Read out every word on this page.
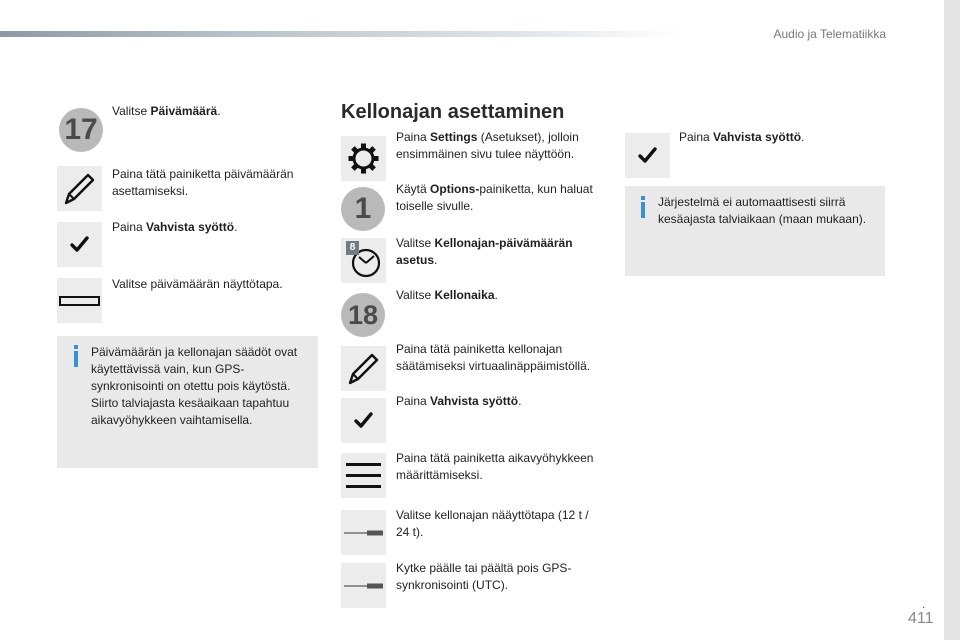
Audio ja Telematiikka
17
Valitse Päivämäärä.
Paina tätä painiketta päivämäärän asettamiseksi.
Paina Vahvista syöttö.
Valitse päivämäärän näyttötapa.
Päivämäärän ja kellonajan säädöt ovat käytettävissä vain, kun GPS-synkronisointi on otettu pois käytöstä. Siirto talviajasta kesäaikaan tapahtuu aikavyöhykkeen vaihtamisella.
Kellonajan asettaminen
Paina Settings (Asetukset), jolloin ensimmäinen sivu tulee näyttöön.
1
Käytä Options-painiketta, kun haluat toiselle sivulle.
8	Valitse Kellonajan-päivämäärän asetus.
18
Valitse Kellonaika.
Paina tätä painiketta kellonajan säätämiseksi virtuaalinäppäimistöllä.
Paina Vahvista syöttö.
Paina tätä painiketta aikavyöhykkeen määrittämiseksi.
Valitse kellonajan nääyttötapa (12 t / 24 t).
Kytke päälle tai päältä pois GPS-synkronisointi (UTC).
Paina Vahvista syöttö.
Järjestelmä ei automaattisesti siirrä kesäajasta talviaikaan (maan mukaan).
.
411
